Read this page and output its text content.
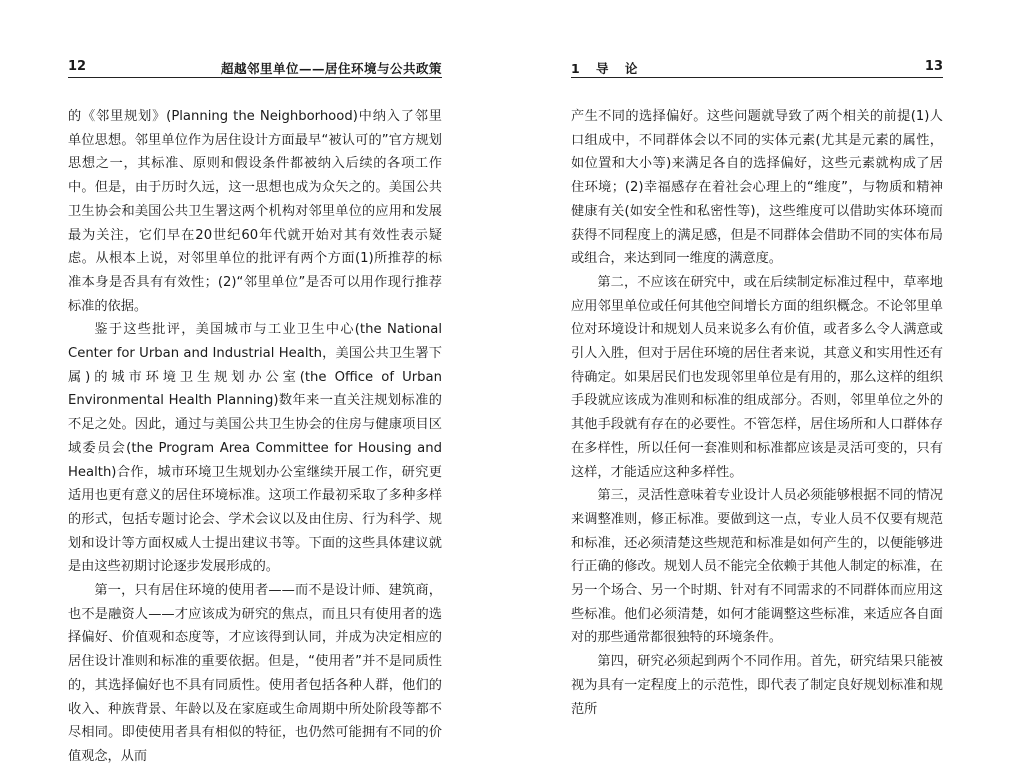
12	超越邻里单位——居住环境与公共政策

的《邻里规划》(Planning the Neighborhood)中纳入了邻里单位思想。邻里单位作为居住设计方面最早“被认可的”官方规划思想之一，其标准、原则和假设条件都被纳入后续的各项工作中。但是，由于历时久远，这一思想也成为众矢之的。美国公共卫生协会和美国公共卫生署这两个机构对邻里单位的应用和发展最为关注，它们早在20世纪60年代就开始对其有效性表示疑虑。从根本上说，对邻里单位的批评有两个方面(1)所推荐的标准本身是否具有有效性；(2)“邻里单位”是否可以用作现行推荐标准的依据。

鉴于这些批评，美国城市与工业卫生中心(the National Center for Urban and Industrial Health，美国公共卫生署下属)的城市环境卫生规划办公室(the Office of Urban Environmental Health Planning)数年来一直关注规划标准的不足之处。因此，通过与美国公共卫生协会的住房与健康项目区域委员会(the Program Area Committee for Housing and Health)合作，城市环境卫生规划办公室继续开展工作，研究更适用也更有意义的居住环境标准。这项工作最初采取了多种多样的形式，包括专题讨论会、学术会议以及由住房、行为科学、规划和设计等方面权威人士提出建议书等。下面的这些具体建议就是由这些初期讨论逐步发展形成的。

第一，只有居住环境的使用者——而不是设计师、建筑商，也不是融资人——才应该成为研究的焦点，而且只有使用者的选择偏好、价值观和态度等，才应该得到认同，并成为决定相应的居住设计准则和标准的重要依据。但是，“使用者”并不是同质性的，其选择偏好也不具有同质性。使用者包括各种人群，他们的收入、种族背景、年龄以及在家庭或生命周期中所处阶段等都不尽相同。即使使用者具有相似的特征，也仍然可能拥有不同的价值观念，从而

1 导 论	13

产生不同的选择偏好。这些问题就导致了两个相关的前提(1)人口组成中，不同群体会以不同的实体元素(尤其是元素的属性，如位置和大小等)来满足各自的选择偏好，这些元素就构成了居住环境；(2)幸福感存在着社会心理上的“维度”，与物质和精神健康有关(如安全性和私密性等)，这些维度可以借助实体环境而获得不同程度上的满足感，但是不同群体会借助不同的实体布局或组合，来达到同一维度的满意度。

第二，不应该在研究中，或在后续制定标准过程中，草率地应用邻里单位或任何其他空间增长方面的组织概念。不论邻里单位对环境设计和规划人员来说多么有价值，或者多么令人满意或引人入胜，但对于居住环境的居住者来说，其意义和实用性还有待确定。如果居民们也发现邻里单位是有用的，那么这样的组织手段就应该成为准则和标准的组成部分。否则，邻里单位之外的其他手段就有存在的必要性。不管怎样，居住场所和人口群体存在多样性，所以任何一套准则和标准都应该是灵活可变的，只有这样，才能适应这种多样性。

第三，灵活性意味着专业设计人员必须能够根据不同的情况来调整准则，修正标准。要做到这一点，专业人员不仅要有规范和标准，还必须清楚这些规范和标准是如何产生的，以便能够进行正确的修改。规划人员不能完全依赖于其他人制定的标准，在另一个场合、另一个时期、针对有不同需求的不同群体而应用这些标准。他们必须清楚，如何才能调整这些标准，来适应各自面对的那些通常都很独特的环境条件。

第四，研究必须起到两个不同作用。首先，研究结果只能被视为具有一定程度上的示范性，即代表了制定良好规划标准和规范所
